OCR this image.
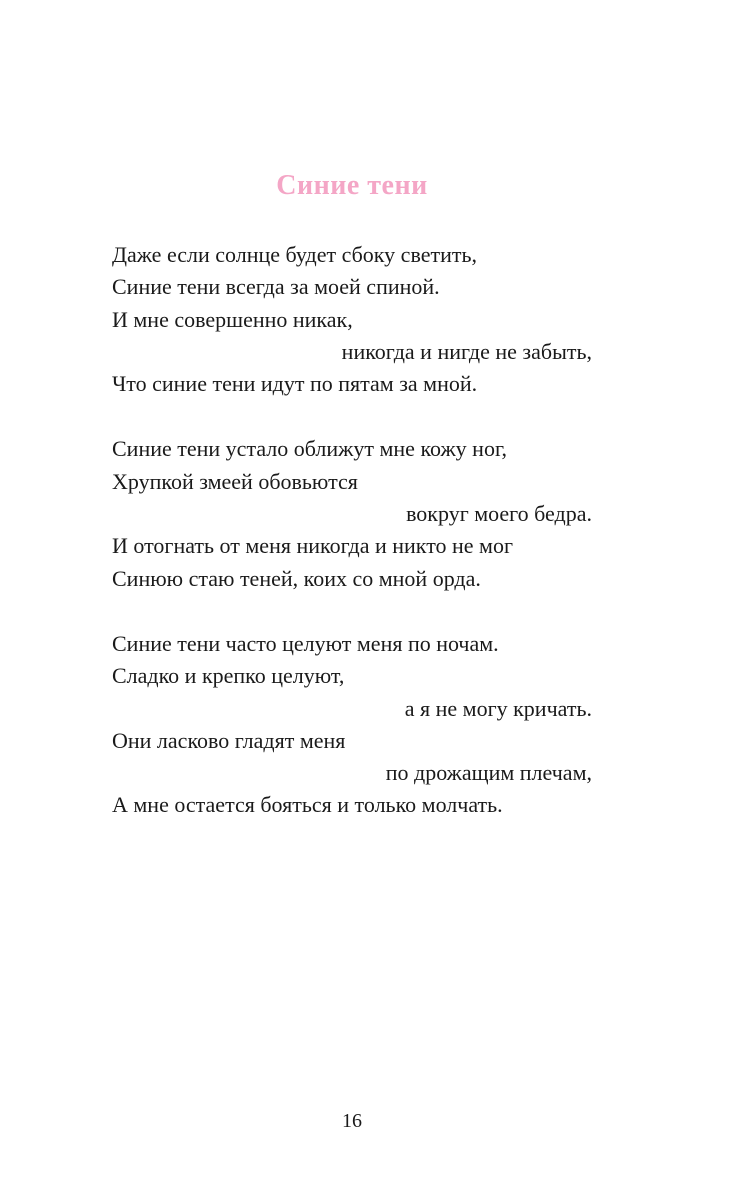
Синие тени
Даже если солнце будет сбоку светить,
Синие тени всегда за моей спиной.
И мне совершенно никак,
никогда и нигде не забыть,
Что синие тени идут по пятам за мной.
Синие тени устало оближут мне кожу ног,
Хрупкой змеей обовьются
вокруг моего бедра.
И отогнать от меня никогда и никто не мог
Синюю стаю теней, коих со мной орда.
Синие тени часто целуют меня по ночам.
Сладко и крепко целуют,
а я не могу кричать.
Они ласково гладят меня
по дрожащим плечам,
А мне остается бояться и только молчать.
16
